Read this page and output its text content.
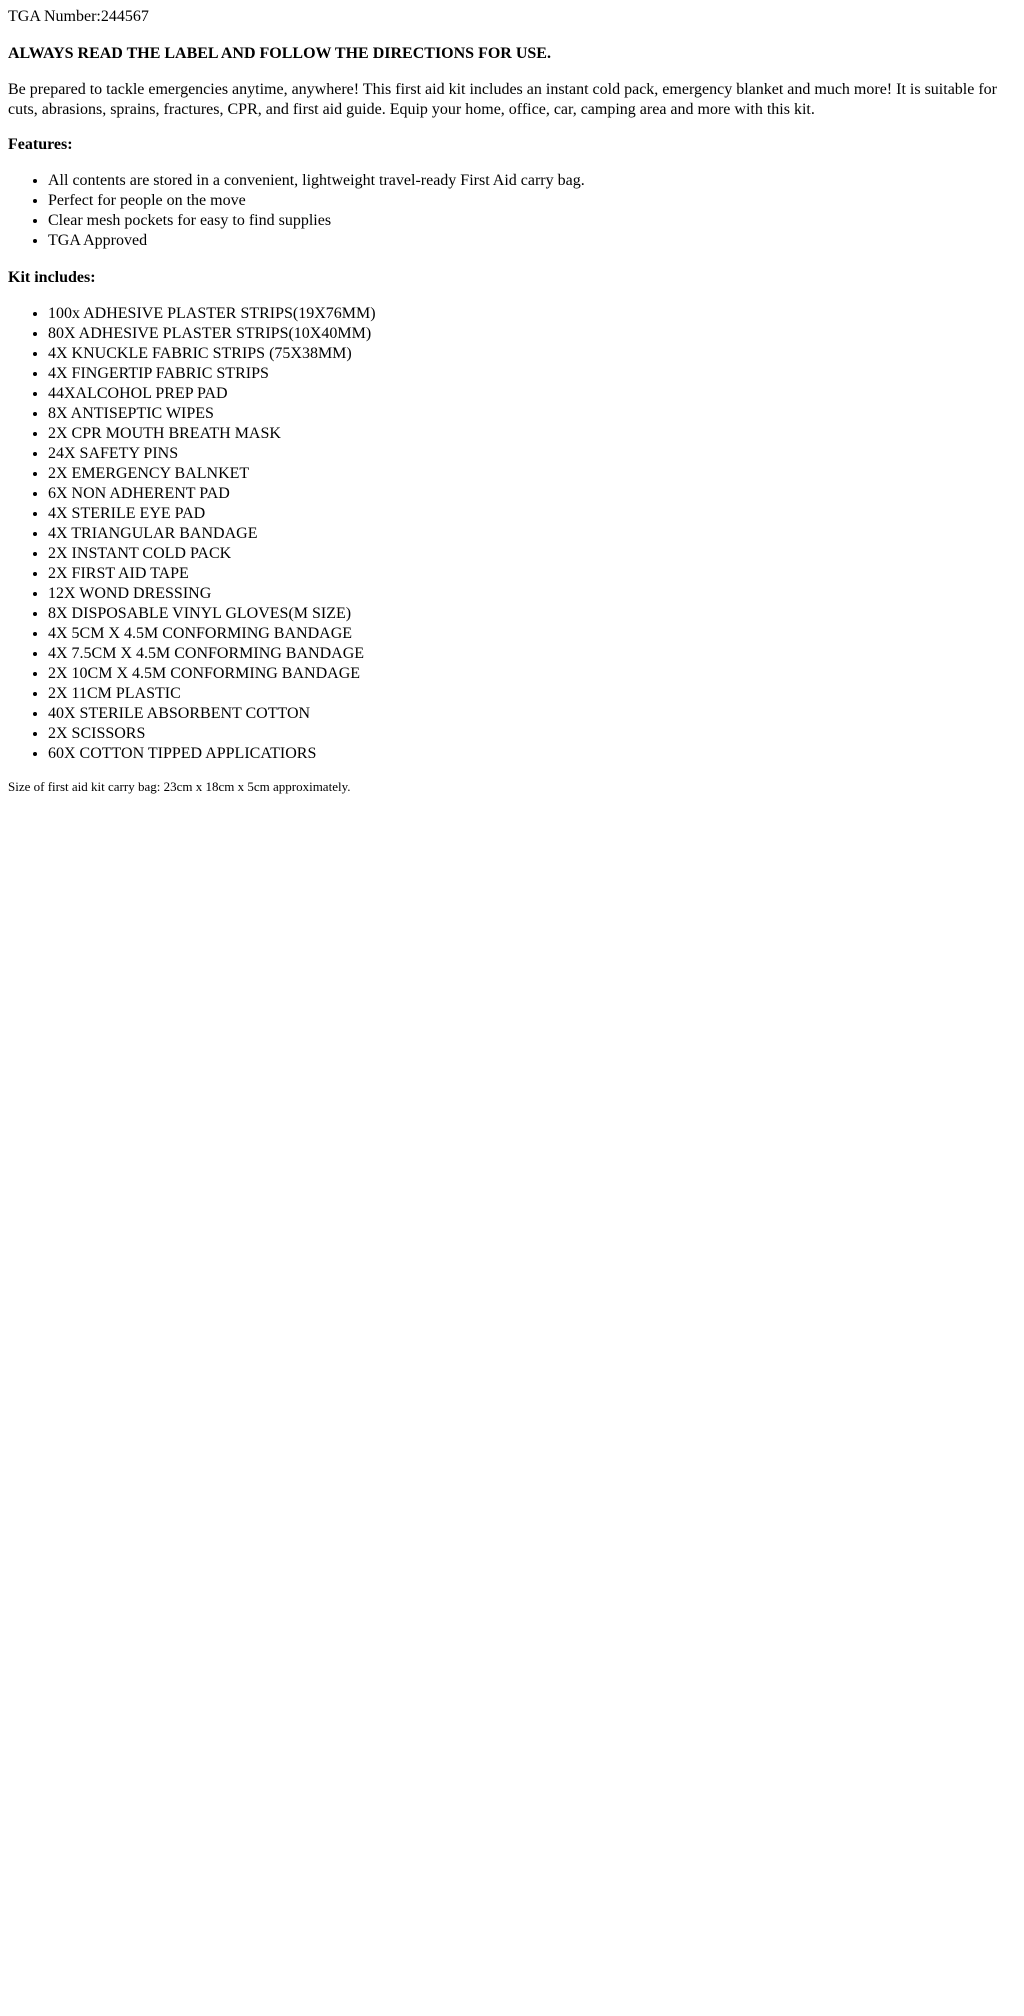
TGA Number:244567
ALWAYS READ THE LABEL AND FOLLOW THE DIRECTIONS FOR USE.
Be prepared to tackle emergencies anytime, anywhere! This first aid kit includes an instant cold pack, emergency blanket and much more! It is suitable for cuts, abrasions, sprains, fractures, CPR, and first aid guide. Equip your home, office, car, camping area and more with this kit.
Features:
• All contents are stored in a convenient, lightweight travel-ready First Aid carry bag.
• Perfect for people on the move
• Clear mesh pockets for easy to find supplies
• TGA Approved
Kit includes:
• 100x ADHESIVE PLASTER STRIPS(19X76MM)
• 80X ADHESIVE PLASTER STRIPS(10X40MM)
• 4X KNUCKLE FABRIC STRIPS (75X38MM)
• 4X FINGERTIP FABRIC STRIPS
• 44XALCOHOL PREP PAD
• 8X ANTISEPTIC WIPES
• 2X CPR MOUTH BREATH MASK
• 24X SAFETY PINS
• 2X EMERGENCY BALNKET
• 6X NON ADHERENT PAD
• 4X STERILE EYE PAD
• 4X TRIANGULAR BANDAGE
• 2X INSTANT COLD PACK
• 2X FIRST AID TAPE
• 12X WOND DRESSING
• 8X DISPOSABLE VINYL GLOVES(M SIZE)
• 4X 5CM X 4.5M CONFORMING BANDAGE
• 4X 7.5CM X 4.5M CONFORMING BANDAGE
• 2X 10CM X 4.5M CONFORMING BANDAGE
• 2X 11CM PLASTIC
• 40X STERILE ABSORBENT COTTON
• 2X SCISSORS
• 60X COTTON TIPPED APPLICATIORS
Size of first aid kit carry bag: 23cm x 18cm x 5cm approximately.
